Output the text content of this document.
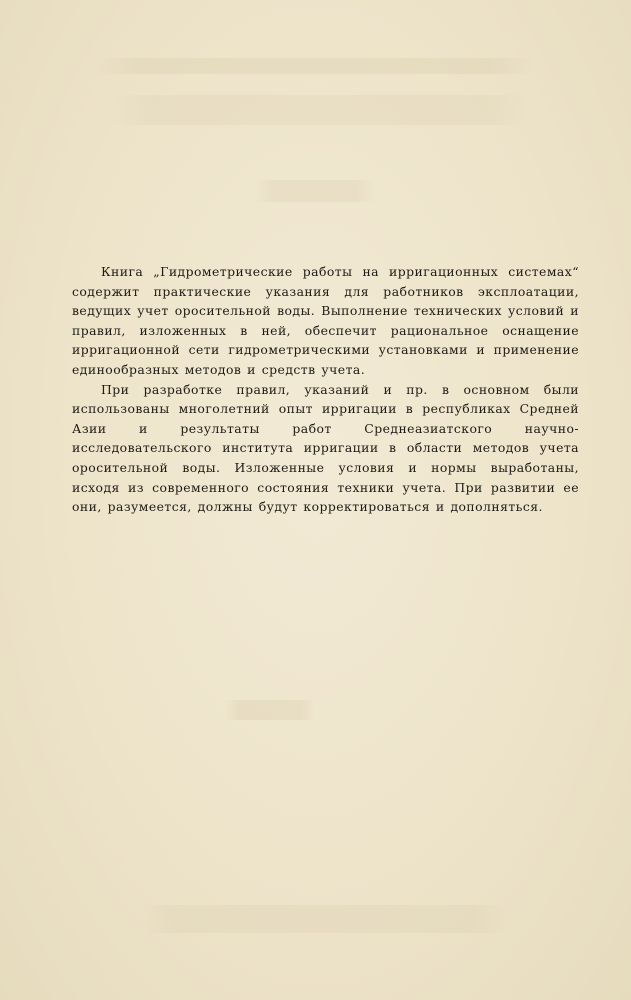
Книга „Гидрометрические работы на ирригационных системах“ содержит практические указания для работников эксплоатации, ведущих учет оросительной воды. Выполнение технических условий и правил, изложенных в ней, обеспечит рациональное оснащение ирригационной сети гидрометрическими установками и применение единообразных методов и средств учета.

При разработке правил, указаний и пр. в основном были использованы многолетний опыт ирригации в республиках Средней Азии и результаты работ Среднеазиатского научно-исследовательского института ирригации в области методов учета оросительной воды. Изложенные условия и нормы выработаны, исходя из современного состояния техники учета. При развитии ее они, разумеется, должны будут корректироваться и дополняться.
